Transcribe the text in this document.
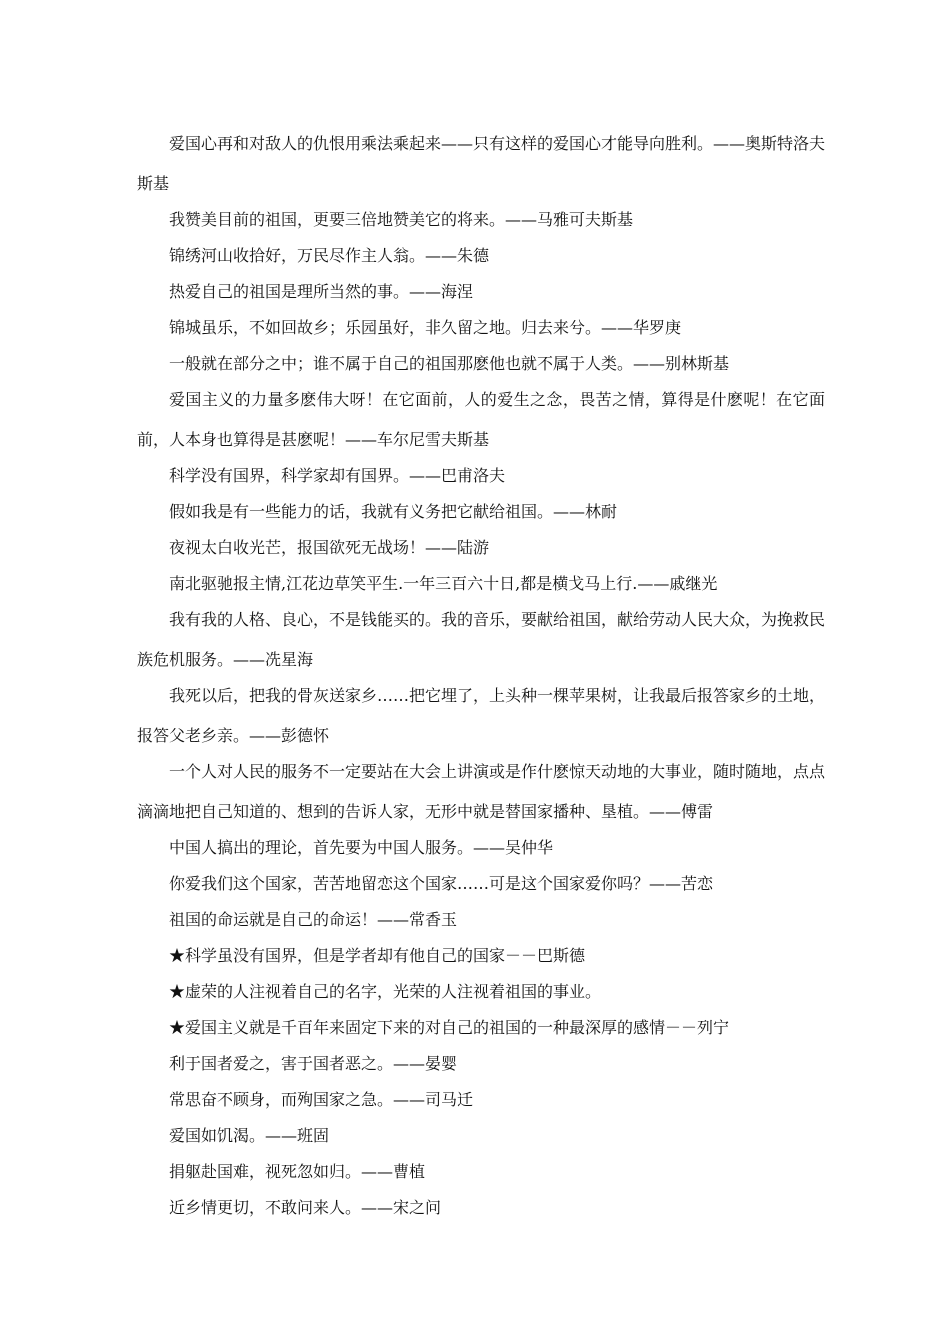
爱国心再和对敌人的仇恨用乘法乘起来——只有这样的爱国心才能导向胜利。——奥斯特洛夫斯基

我赞美目前的祖国，更要三倍地赞美它的将来。——马雅可夫斯基

锦绣河山收拾好，万民尽作主人翁。——朱德

热爱自己的祖国是理所当然的事。——海涅

锦城虽乐，不如回故乡；乐园虽好，非久留之地。归去来兮。——华罗庚

一般就在部分之中；谁不属于自己的祖国那麽他也就不属于人类。——别林斯基

爱国主义的力量多麽伟大呀！在它面前，人的爱生之念，畏苦之情，算得是什麽呢！在它面前，人本身也算得是甚麽呢！——车尔尼雪夫斯基

科学没有国界，科学家却有国界。——巴甫洛夫

假如我是有一些能力的话，我就有义务把它献给祖国。——林耐

夜视太白收光芒，报国欲死无战场！——陆游

南北驱驰报主情,江花边草笑平生.一年三百六十日,都是横戈马上行.——戚继光

我有我的人格、良心，不是钱能买的。我的音乐，要献给祖国，献给劳动人民大众，为挽救民族危机服务。——冼星海

我死以后，把我的骨灰送家乡……把它埋了，上头种一棵苹果树，让我最后报答家乡的土地，报答父老乡亲。——彭德怀

一个人对人民的服务不一定要站在大会上讲演或是作什麽惊天动地的大事业，随时随地，点点滴滴地把自己知道的、想到的告诉人家，无形中就是替国家播种、垦植。——傅雷

中国人搞出的理论，首先要为中国人服务。——吴仲华

你爱我们这个国家，苦苦地留恋这个国家……可是这个国家爱你吗？——苦恋

祖国的命运就是自己的命运！——常香玉

★科学虽没有国界，但是学者却有他自己的国家－－巴斯德

★虚荣的人注视着自己的名字，光荣的人注视着祖国的事业。

★爱国主义就是千百年来固定下来的对自己的祖国的一种最深厚的感情－－列宁

利于国者爱之，害于国者恶之。——晏婴

常思奋不顾身，而殉国家之急。——司马迁

爱国如饥渴。——班固

捐躯赴国难，视死忽如归。——曹植

近乡情更切，不敢问来人。——宋之问
